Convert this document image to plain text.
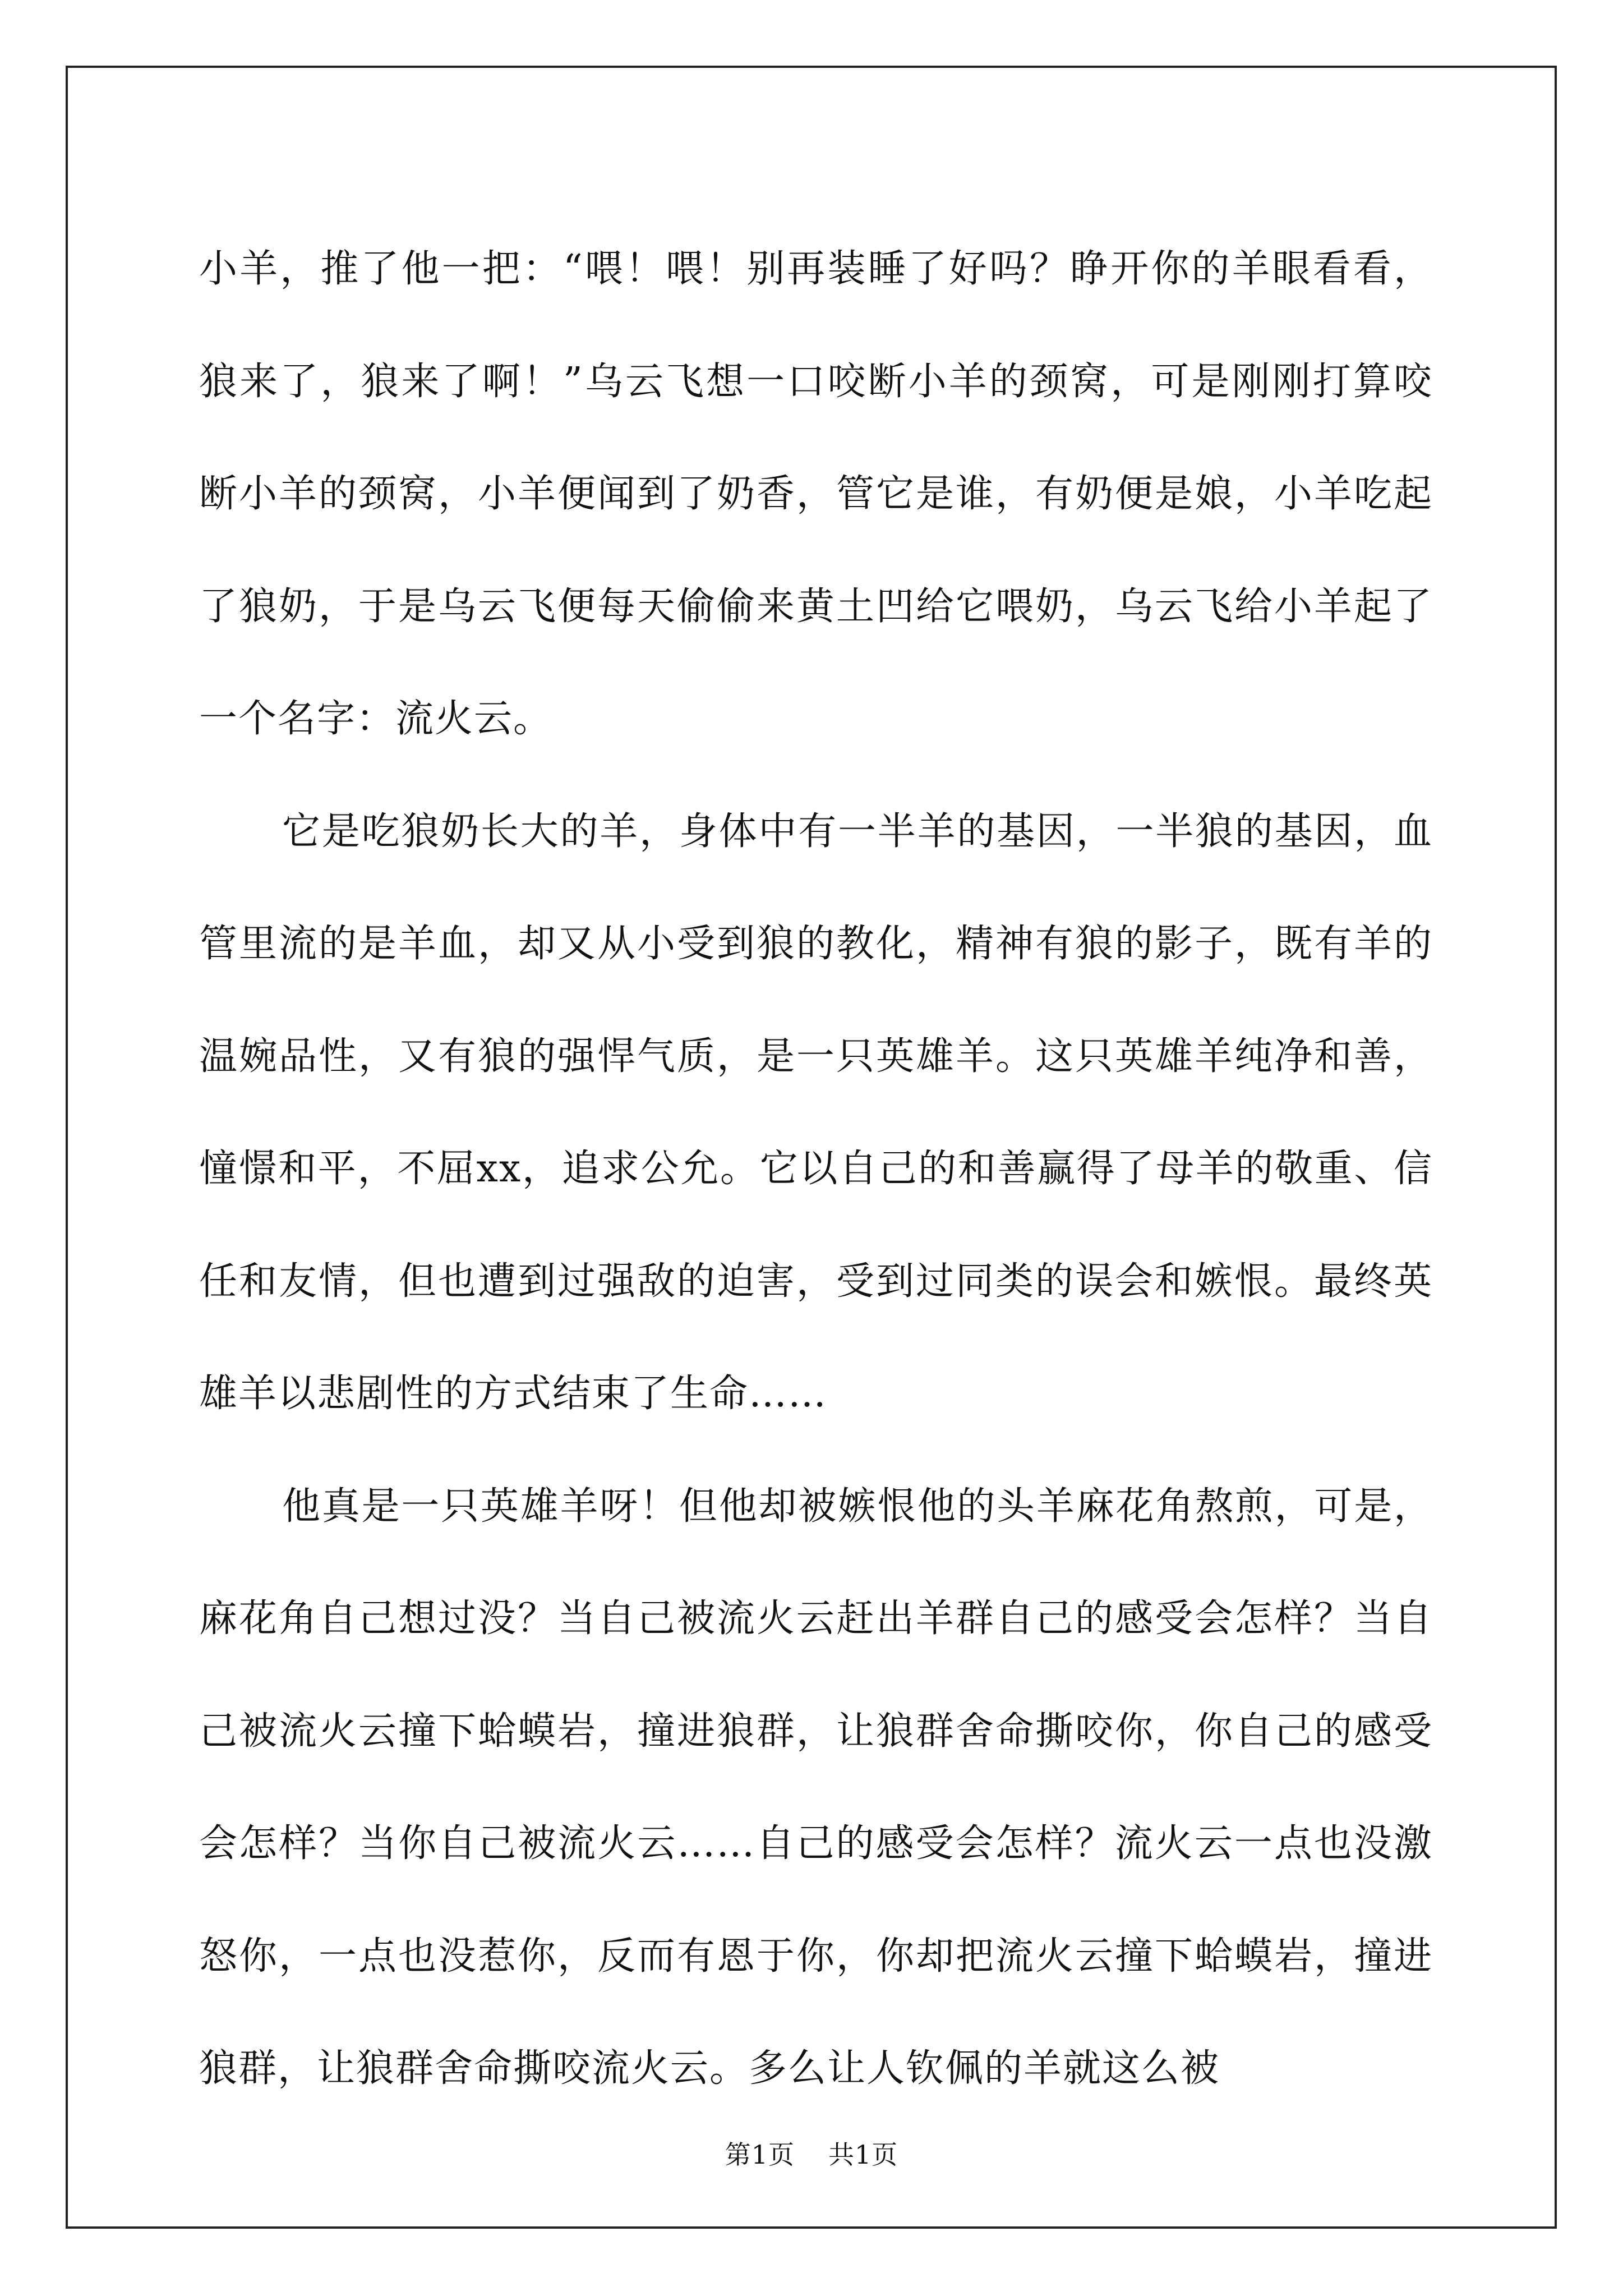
小羊，推了他一把：“喂！喂！别再装睡了好吗？睁开你的羊眼看看，狼来了，狼来了啊！”乌云飞想一口咬断小羊的颈窝，可是刚刚打算咬断小羊的颈窝，小羊便闻到了奶香，管它是谁，有奶便是娘，小羊吃起了狼奶，于是乌云飞便每天偷偷来黄土凹给它喂奶，乌云飞给小羊起了一个名字：流火云。

它是吃狼奶长大的羊，身体中有一半羊的基因，一半狼的基因，血管里流的是羊血，却又从小受到狼的教化，精神有狼的影子，既有羊的温婉品性，又有狼的强悍气质，是一只英雄羊。这只英雄羊纯净和善，憧憬和平，不屈xx，追求公允。它以自己的和善赢得了母羊的敬重、信任和友情，但也遭到过强敌的迫害，受到过同类的误会和嫉恨。最终英雄羊以悲剧性的方式结束了生命……

他真是一只英雄羊呀！但他却被嫉恨他的头羊麻花角熬煎，可是，麻花角自己想过没？当自己被流火云赶出羊群自己的感受会怎样？当自己被流火云撞下蛤蟆岩，撞进狼群，让狼群舍命撕咬你，你自己的感受会怎样？当你自己被流火云……自己的感受会怎样？流火云一点也没激怒你，一点也没惹你，反而有恩于你，你却把流火云撞下蛤蟆岩，撞进狼群，让狼群舍命撕咬流火云。多么让人钦佩的羊就这么被

第1页 共1页
